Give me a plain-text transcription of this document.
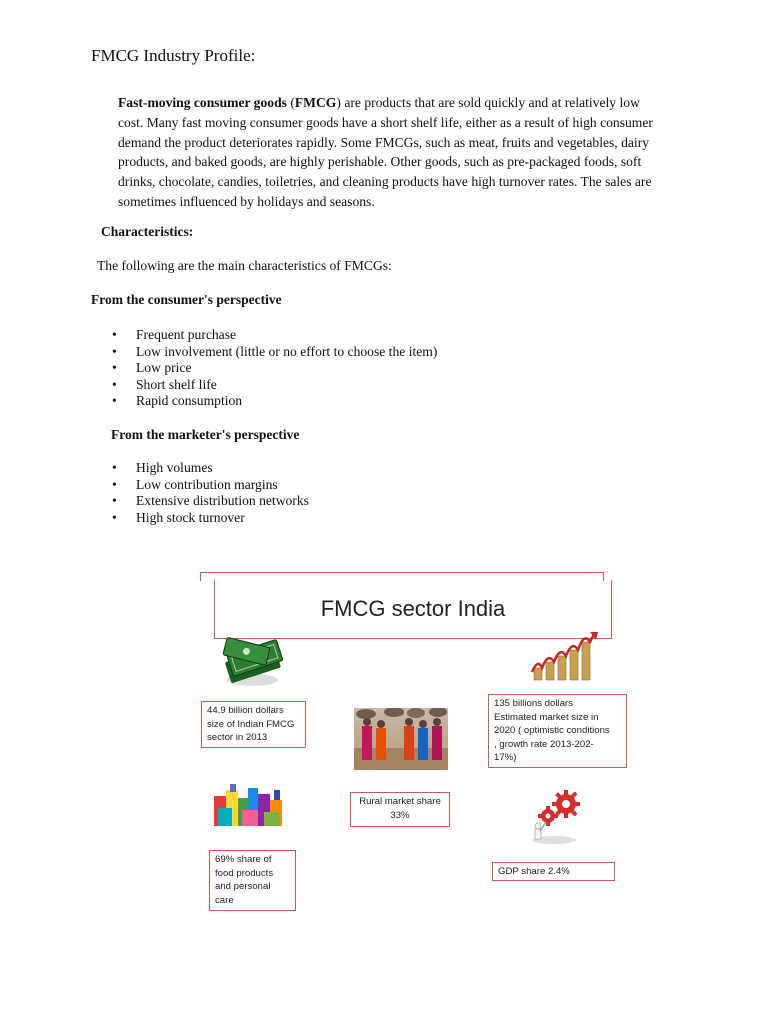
FMCG Industry Profile:
Fast-moving consumer goods (FMCG) are products that are sold quickly and at relatively low cost. Many fast moving consumer goods have a short shelf life, either as a result of high consumer demand the product deteriorates rapidly. Some FMCGs, such as meat, fruits and vegetables, dairy products, and baked goods, are highly perishable. Other goods, such as pre-packaged foods, soft drinks, chocolate, candies, toiletries, and cleaning products have high turnover rates. The sales are sometimes influenced by holidays and seasons.
Characteristics:
The following are the main characteristics of FMCGs:
From the consumer's perspective
• Frequent purchase
• Low involvement (little or no effort to choose the item)
• Low price
• Short shelf life
• Rapid consumption
From the marketer's perspective
• High volumes
• Low contribution margins
• Extensive distribution networks
• High stock turnover
FMCG sector India
44.9 billion dollars
size of Indian FMCG
sector in 2013
135 billions dollars
Estimated market size in
2020 ( optimistic conditions
, growth rate 2013-202-
17%)
Rural market share
33%
69% share of
food products
and personal
care
GDP share 2.4%
